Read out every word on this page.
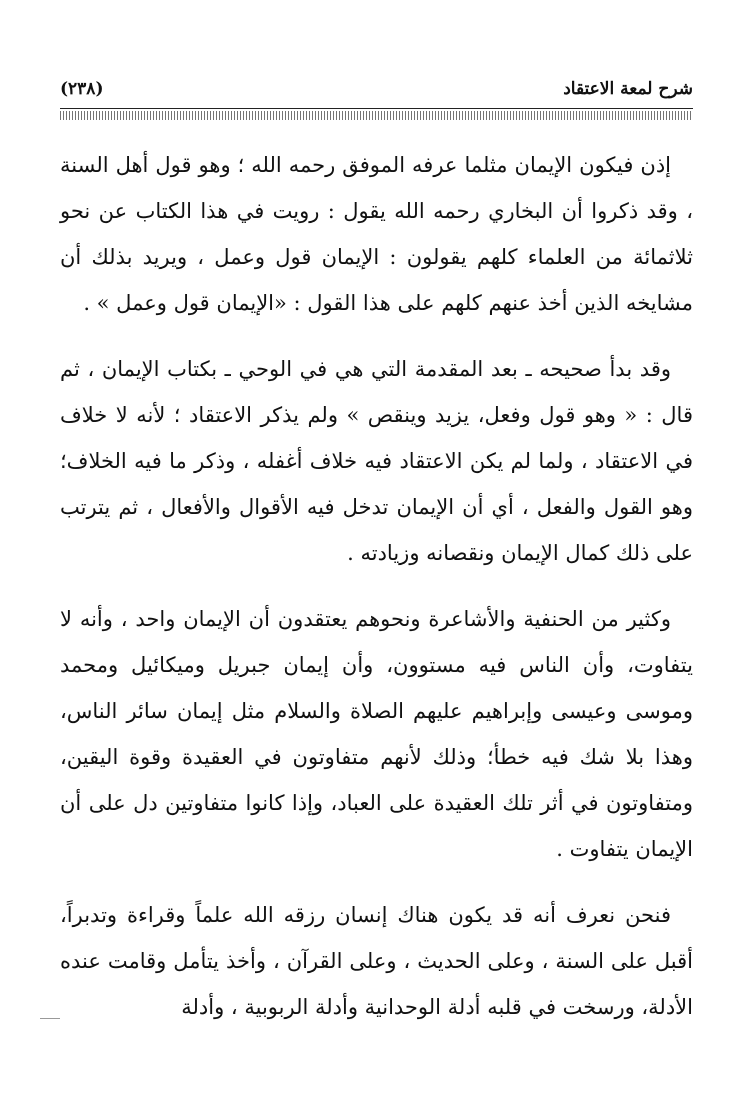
شرح لمعة الاعتقاد
(٢٣٨)

إذن فيكون الإيمان مثلما عرفه الموفق رحمه الله ؛ وهو قول أهل السنة ، وقد ذكروا أن البخاري رحمه الله يقول : رويت في هذا الكتاب عن نحو ثلاثمائة من العلماء كلهم يقولون : الإيمان قول وعمل ، ويريد بذلك أن مشايخه الذين أخذ عنهم كلهم على هذا القول : «الإيمان قول وعمل » .

وقد بدأ صحيحه ـ بعد المقدمة التي هي في الوحي ـ بكتاب الإيمان ، ثم قال : « وهو قول وفعل، يزيد وينقص » ولم يذكر الاعتقاد ؛ لأنه لا خلاف في الاعتقاد ، ولما لم يكن الاعتقاد فيه خلاف أغفله ، وذكر ما فيه الخلاف؛ وهو القول والفعل ، أي أن الإيمان تدخل فيه الأقوال والأفعال ، ثم يترتب على ذلك كمال الإيمان ونقصانه وزيادته .

وكثير من الحنفية والأشاعرة ونحوهم يعتقدون أن الإيمان واحد ، وأنه لا يتفاوت، وأن الناس فيه مستوون، وأن إيمان جبريل وميكائيل ومحمد وموسى وعيسى وإبراهيم عليهم الصلاة والسلام مثل إيمان سائر الناس، وهذا بلا شك فيه خطأ؛ وذلك لأنهم متفاوتون في العقيدة وقوة اليقين، ومتفاوتون في أثر تلك العقيدة على العباد، وإذا كانوا متفاوتين دل على أن الإيمان يتفاوت .

فنحن نعرف أنه قد يكون هناك إنسان رزقه الله علماً وقراءة وتدبراً، أقبل على السنة ، وعلى الحديث ، وعلى القرآن ، وأخذ يتأمل وقامت عنده الأدلة، ورسخت في قلبه أدلة الوحدانية وأدلة الربوبية ، وأدلة
